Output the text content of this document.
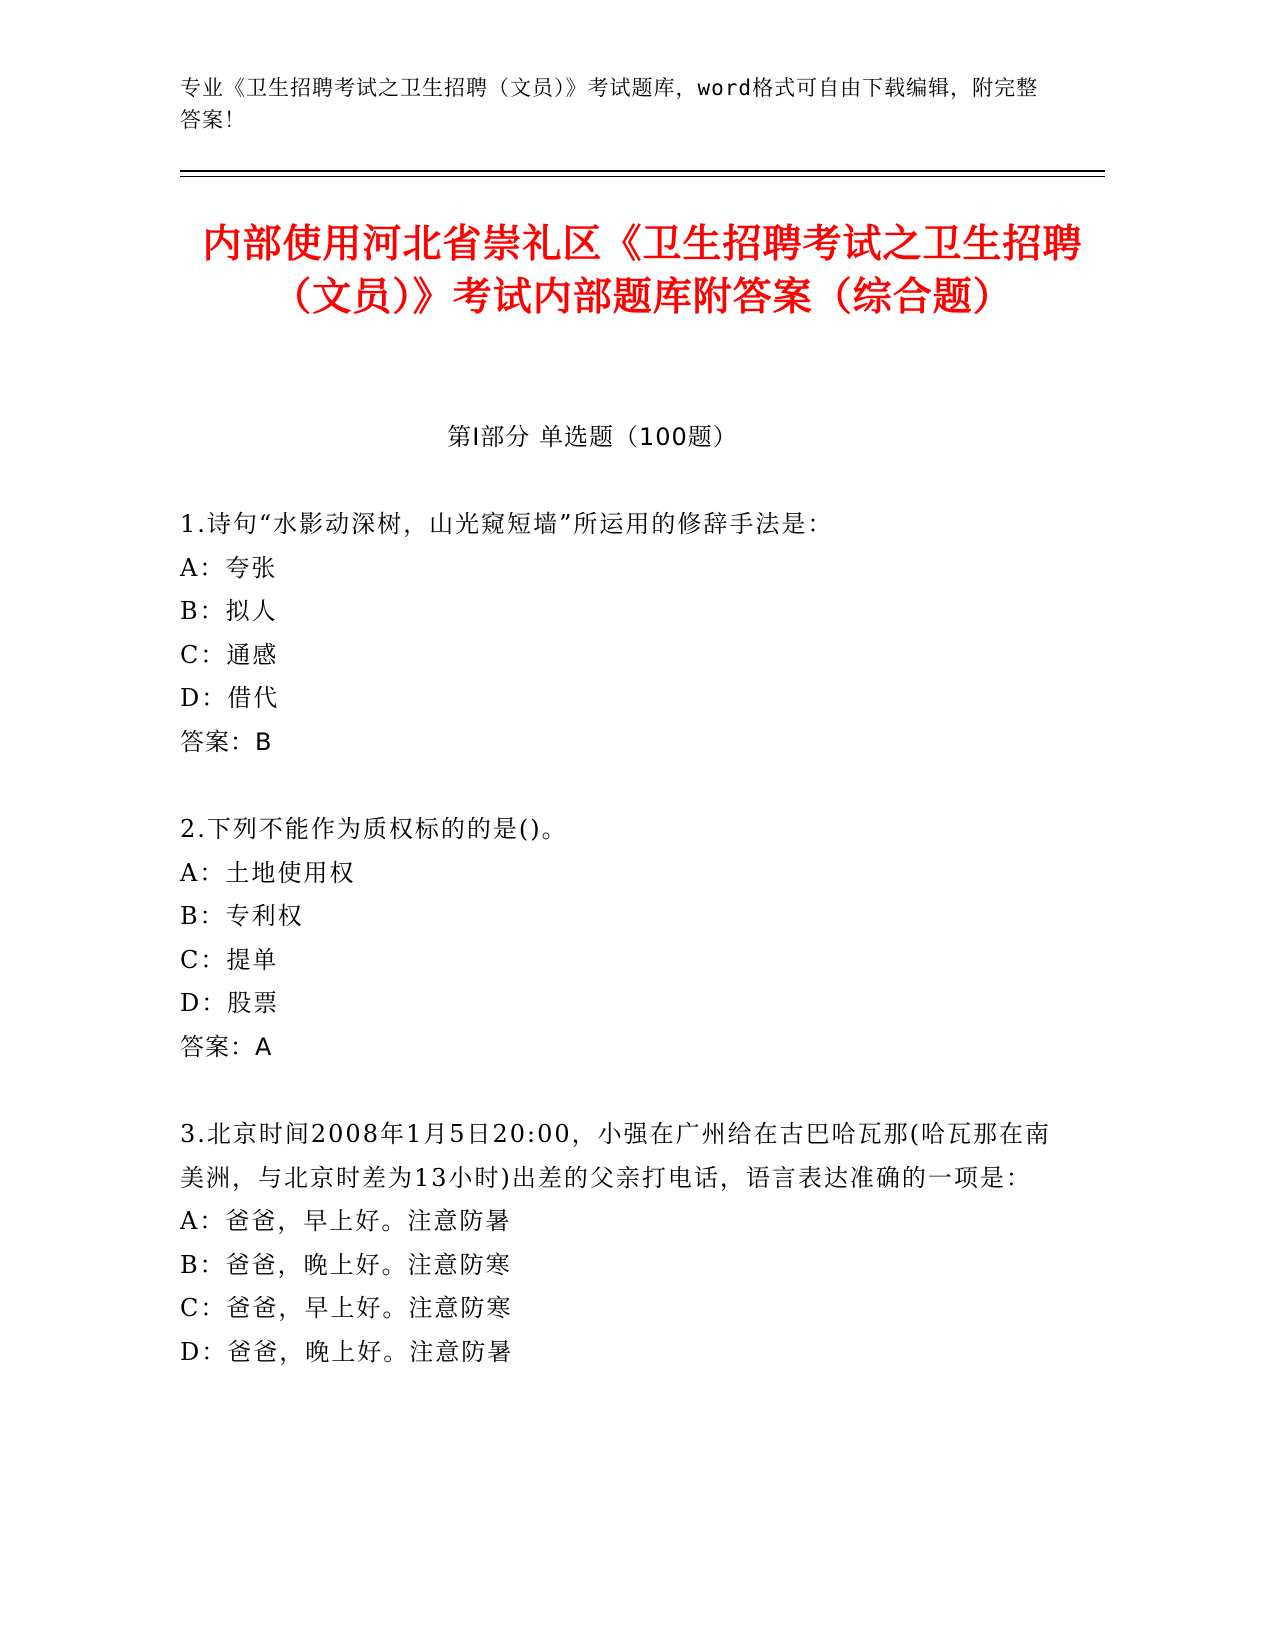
专业《卫生招聘考试之卫生招聘（文员）》考试题库，word格式可自由下载编辑，附完整答案！
内部使用河北省崇礼区《卫生招聘考试之卫生招聘（文员）》考试内部题库附答案（综合题）
第Ⅰ部分 单选题（100题）

1.诗句“水影动深树，山光窥短墙”所运用的修辞手法是：

A：夸张

B：拟人

C：通感

D：借代

答案：B

2.下列不能作为质权标的的是()。

A：土地使用权

B：专利权

C：提单

D：股票

答案：A

3.北京时间2008年1月5日20:00，小强在广州给在古巴哈瓦那(哈瓦那在南美洲，与北京时差为13小时)出差的父亲打电话，语言表达准确的一项是：

A：爸爸，早上好。注意防暑

B：爸爸，晚上好。注意防寒

C：爸爸，早上好。注意防寒

D：爸爸，晚上好。注意防暑
